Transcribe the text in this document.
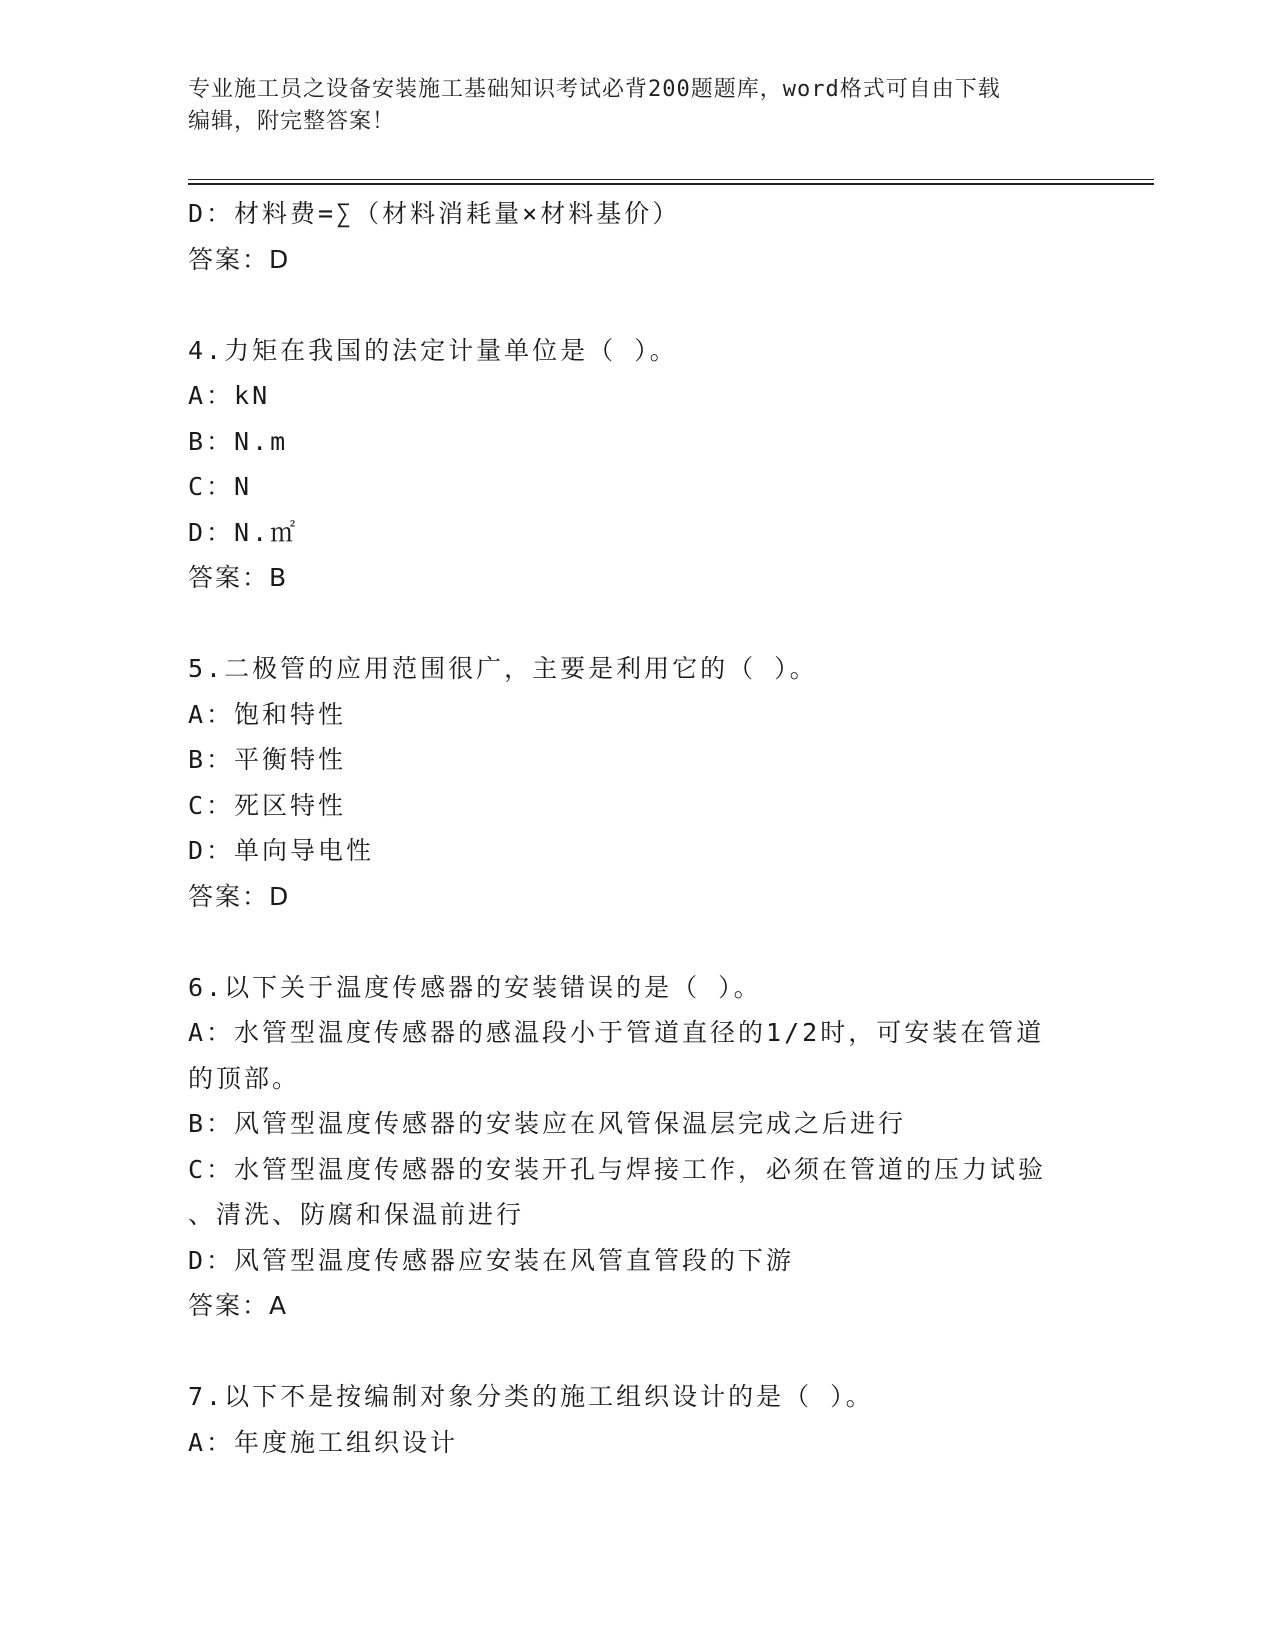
专业施工员之设备安装施工基础知识考试必背200题题库，word格式可自由下载
编辑，附完整答案！
D：材料费=∑（材料消耗量×材料基价）
答案：D
4.力矩在我国的法定计量单位是（ ）。
A：kN
B：N.m
C：N
D：N.㎡
答案：B
5.二极管的应用范围很广，主要是利用它的（ ）。
A：饱和特性
B：平衡特性
C：死区特性
D：单向导电性
答案：D
6.以下关于温度传感器的安装错误的是（ ）。
A：水管型温度传感器的感温段小于管道直径的1/2时，可安装在管道
的顶部。
B：风管型温度传感器的安装应在风管保温层完成之后进行
C：水管型温度传感器的安装开孔与焊接工作，必须在管道的压力试验
、清洗、防腐和保温前进行
D：风管型温度传感器应安装在风管直管段的下游
答案：A
7.以下不是按编制对象分类的施工组织设计的是（ ）。
A：年度施工组织设计
